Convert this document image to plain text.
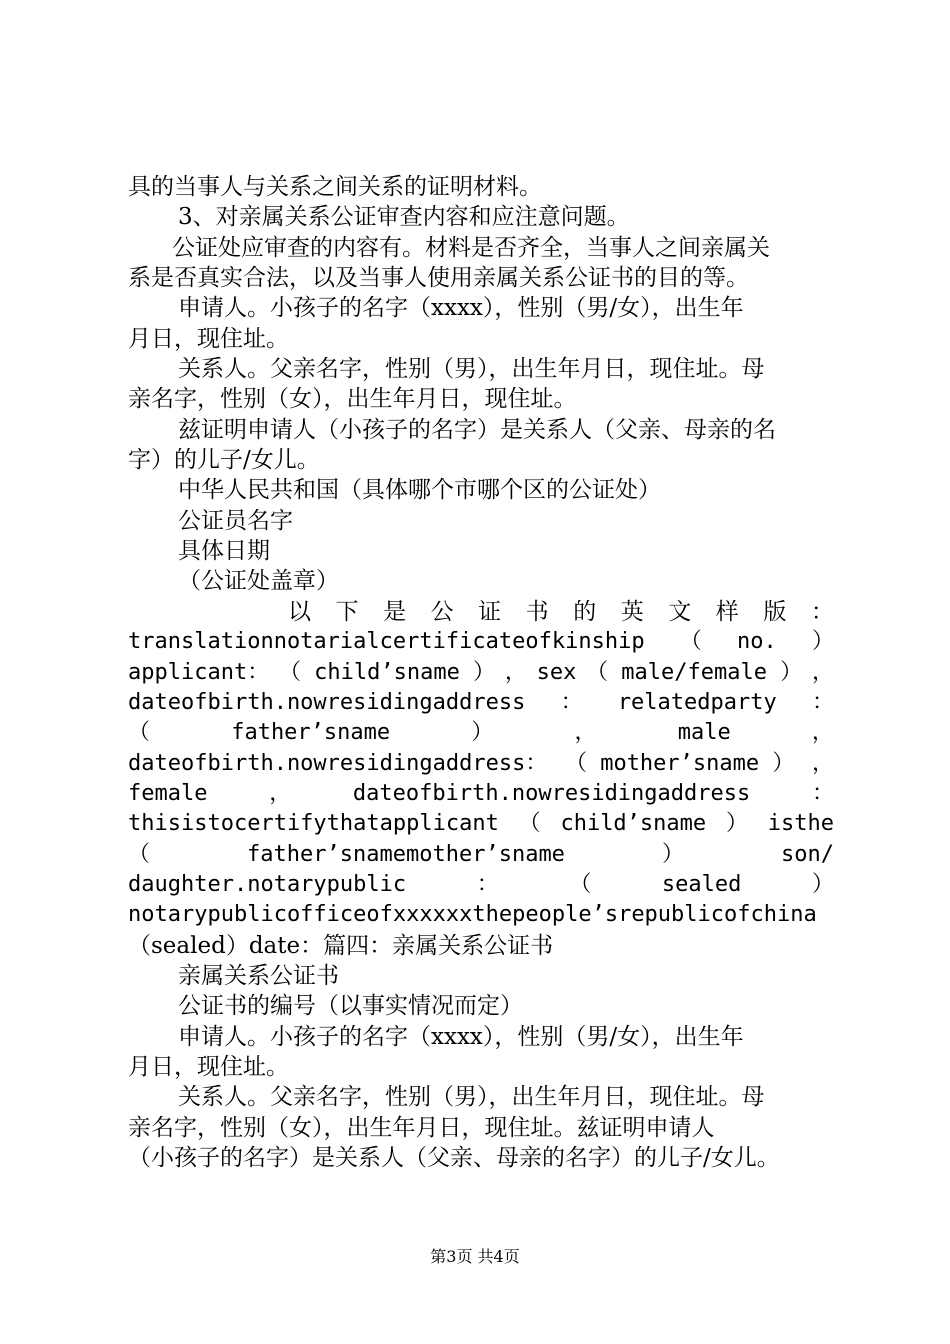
具的当事人与关系之间关系的证明材料。
3、对亲属关系公证审查内容和应注意问题。
公证处应审查的内容有。材料是否齐全，当事人之间亲属关
系是否真实合法，以及当事人使用亲属关系公证书的目的等。
申请人。小孩子的名字（xxxx），性别（男/女），出生年
月日，现住址。
关系人。父亲名字，性别（男），出生年月日，现住址。母
亲名字，性别（女），出生年月日，现住址。
兹证明申请人（小孩子的名字）是关系人（父亲、母亲的名
字）的儿子/女儿。
中华人民共和国（具体哪个市哪个区的公证处）
公证员名字
具体日期
（公证处盖章）
以 下 是 公 证 书 的 英 文 样 版 ：
translationnotarialcertificateofkinship （ no. ）
applicant： （ child’sname ） ， sex （ male/female ） ，
dateofbirth.nowresidingaddress ： relatedparty ：
（	father’sname	）	，	male	，
dateofbirth.nowresidingaddress： （ mother’sname ） ，
female	，	dateofbirth.nowresidingaddress	：
thisistocertifythatapplicant （ child’sname ） isthe
（	father’snamemother’sname	）	son/
daughter.notarypublic	：	（	sealed	）
notarypublicofficeofxxxxxxthepeople’srepublicofchina
（sealed）date：篇四：亲属关系公证书
亲属关系公证书
公证书的编号（以事实情况而定）
申请人。小孩子的名字（xxxx），性别（男/女），出生年
月日，现住址。
关系人。父亲名字，性别（男），出生年月日，现住址。母
亲名字，性别（女），出生年月日，现住址。兹证明申请人
（小孩子的名字）是关系人（父亲、母亲的名字）的儿子/女儿。
第3页 共4页
